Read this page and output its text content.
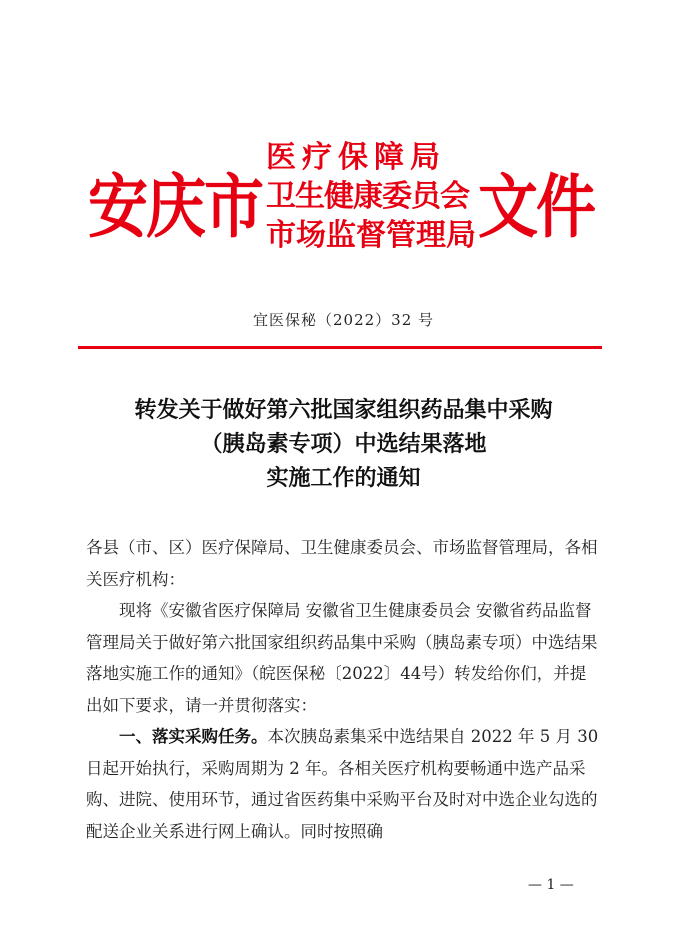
安庆市
医疗保障局
卫生健康委员会
市场监督管理局 文件
宜医保秘（2022）32 号
转发关于做好第六批国家组织药品集中采购
（胰岛素专项）中选结果落地
实施工作的通知

各县（市、区）医疗保障局、卫生健康委员会、市场监督管理局，各相关医疗机构：

现将《安徽省医疗保障局 安徽省卫生健康委员会 安徽省药品监督管理局关于做好第六批国家组织药品集中采购（胰岛素专项）中选结果落地实施工作的通知》（皖医保秘〔2022〕44号）转发给你们，并提出如下要求，请一并贯彻落实：

一、落实采购任务。本次胰岛素集采中选结果自 2022 年 5 月 30 日起开始执行，采购周期为 2 年。各相关医疗机构要畅通中选产品采购、进院、使用环节，通过省医药集中采购平台及时对中选企业勾选的配送企业关系进行网上确认。同时按照确

— 1 —
